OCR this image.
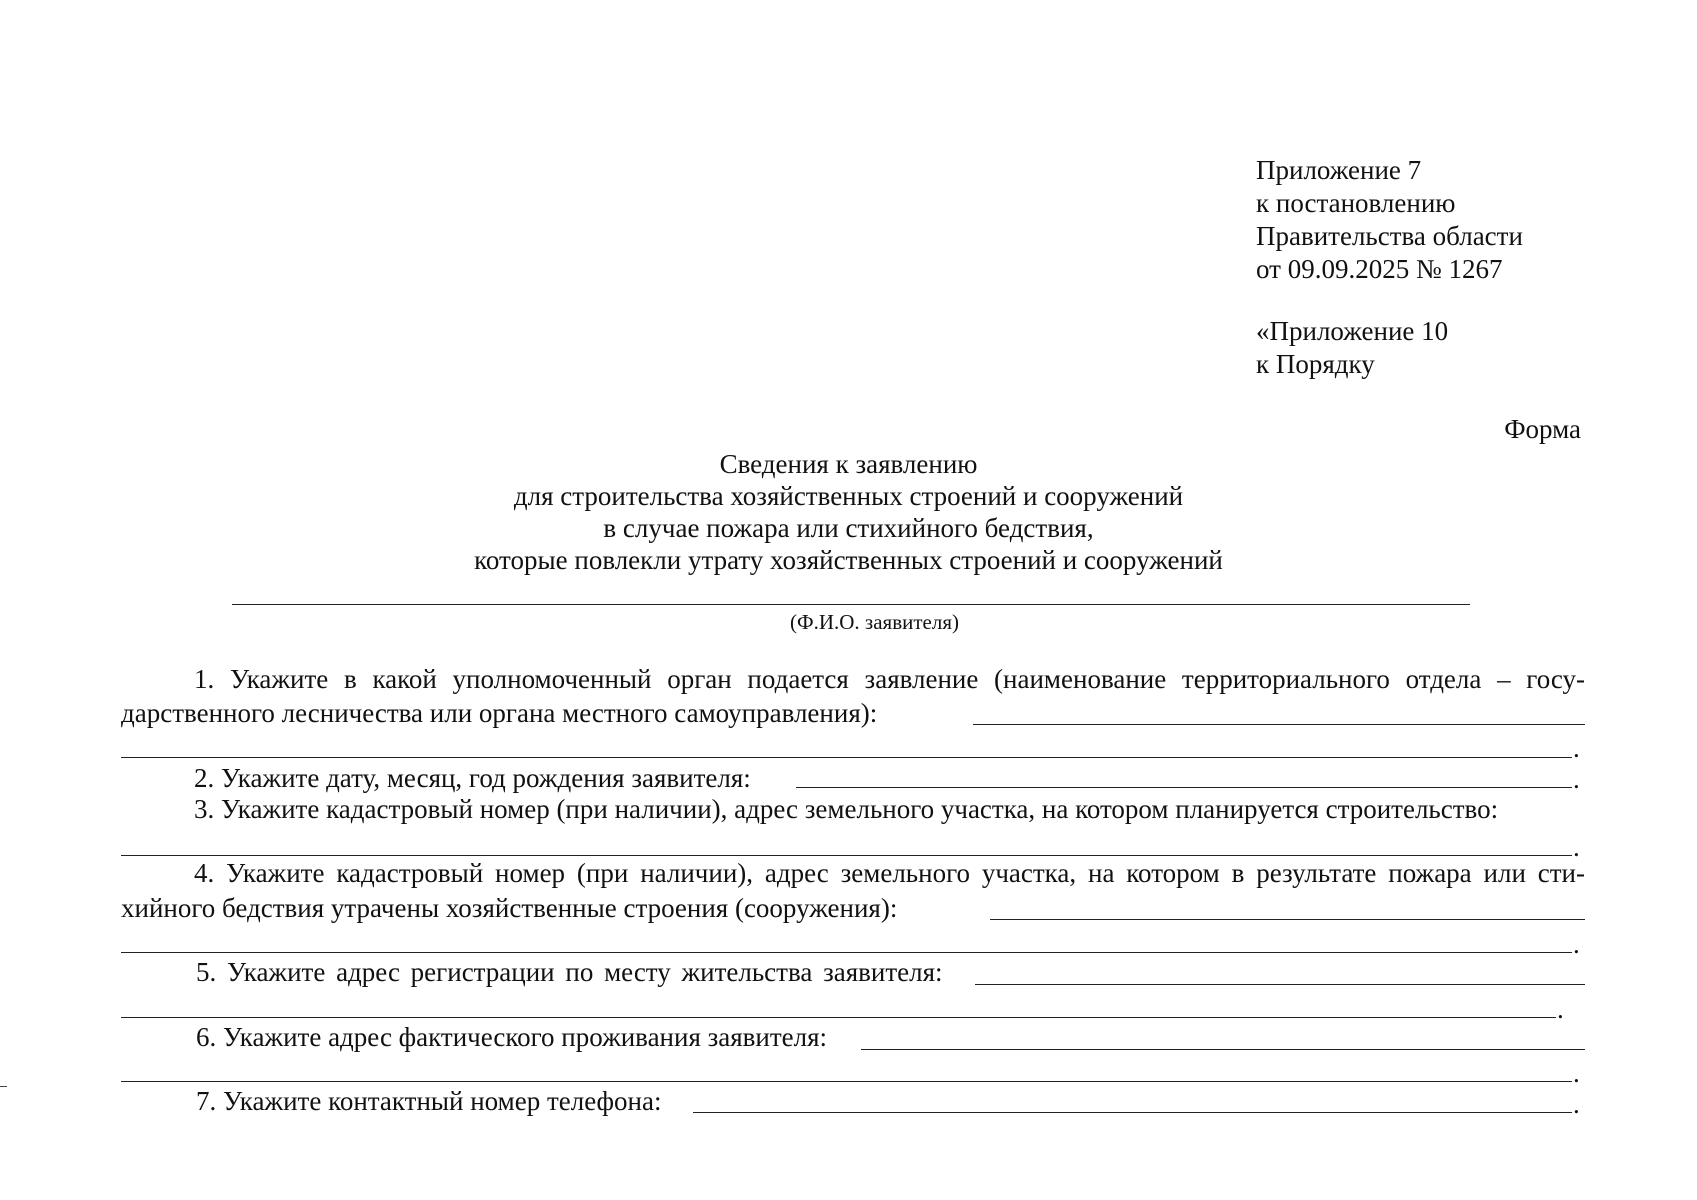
Приложение 7
к постановлению
Правительства области
от 09.09.2025 № 1267
«Приложение 10
к Порядку
Форма
Сведения к заявлению
для строительства хозяйственных строений и сооружений
в случае пожара или стихийного бедствия,
которые повлекли утрату хозяйственных строений и сооружений
(Ф.И.О. заявителя)
1. Укажите в какой уполномоченный орган подается заявление (наименование территориального отдела – госу-
дарственного лесничества или органа местного самоуправления):
.
2. Укажите дату, месяц, год рождения заявителя:	.
3. Укажите кадастровый номер (при наличии), адрес земельного участка, на котором планируется строительство:
.
4. Укажите кадастровый номер (при наличии), адрес земельного участка, на котором в результате пожара или сти-
хийного бедствия утрачены хозяйственные строения (сооружения):
.
5. Укажите адрес регистрации по месту жительства заявителя:
.
6. Укажите адрес фактического проживания заявителя:
.
7. Укажите контактный номер телефона:	.
